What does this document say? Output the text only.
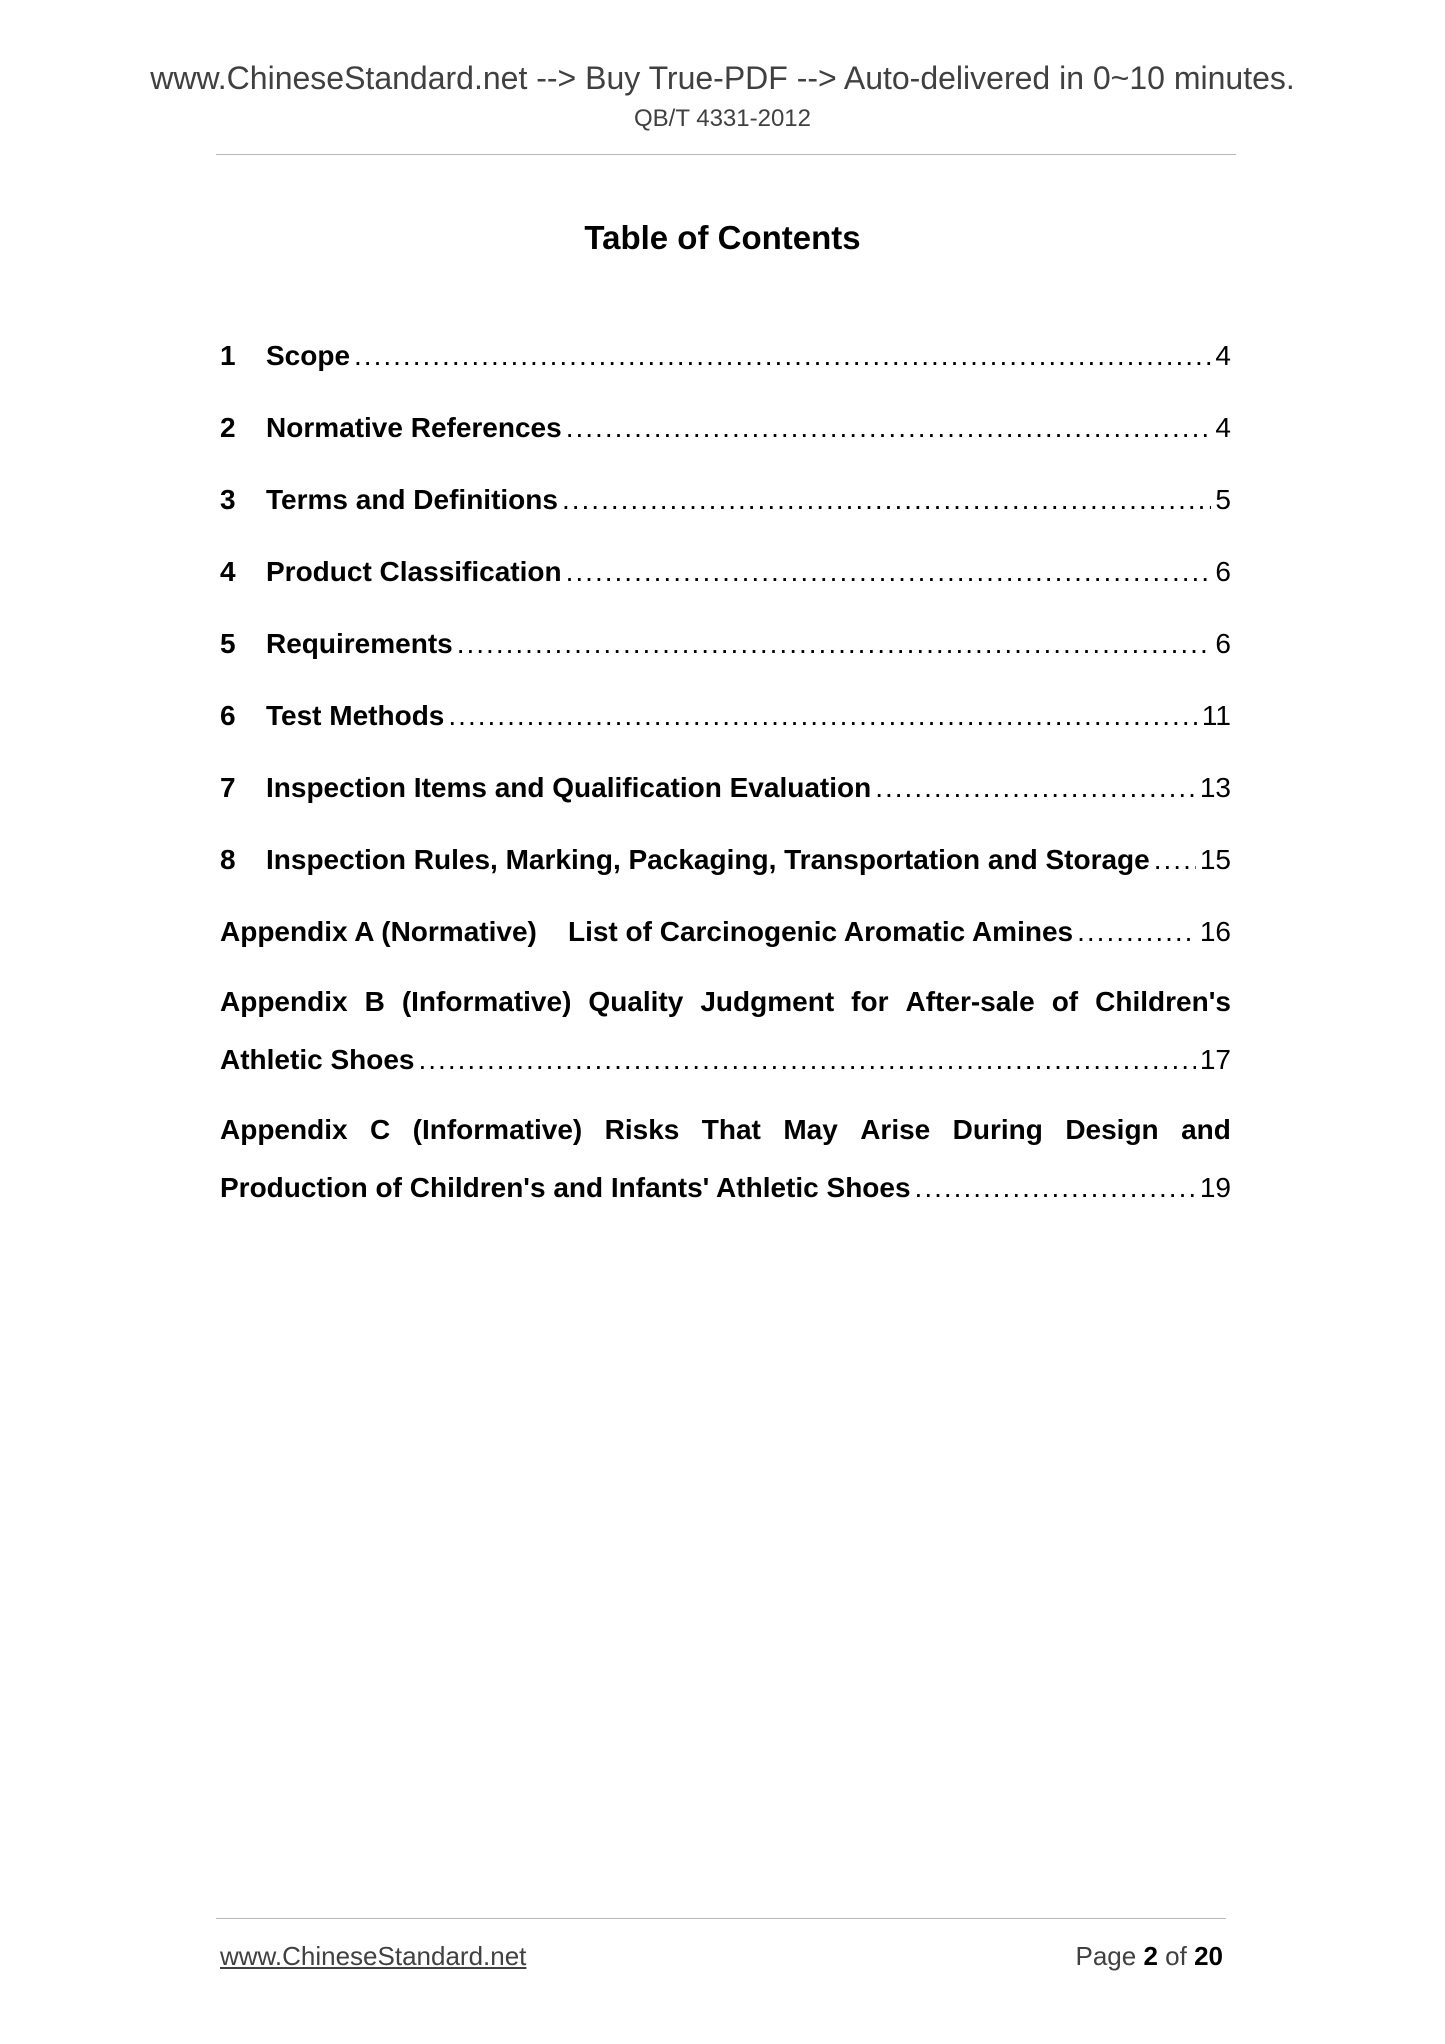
www.ChineseStandard.net --> Buy True-PDF --> Auto-delivered in 0~10 minutes.
QB/T 4331-2012
Table of Contents
1	Scope .....	4
2	Normative References .....	4
3	Terms and Definitions .....	5
4	Product Classification .....	6
5	Requirements .....	6
6	Test Methods .....	11
7	Inspection Items and Qualification Evaluation .....	13
8	Inspection Rules, Marking, Packaging, Transportation and Storage ..... 15
Appendix A (Normative)    List of Carcinogenic Aromatic Amines .....	16
Appendix B (Informative) Quality Judgment for After-sale of Children's
Athletic Shoes .....	17
Appendix C (Informative) Risks That May Arise During Design and
Production of Children's and Infants' Athletic Shoes .....	19
www.ChineseStandard.net	Page 2 of 20
